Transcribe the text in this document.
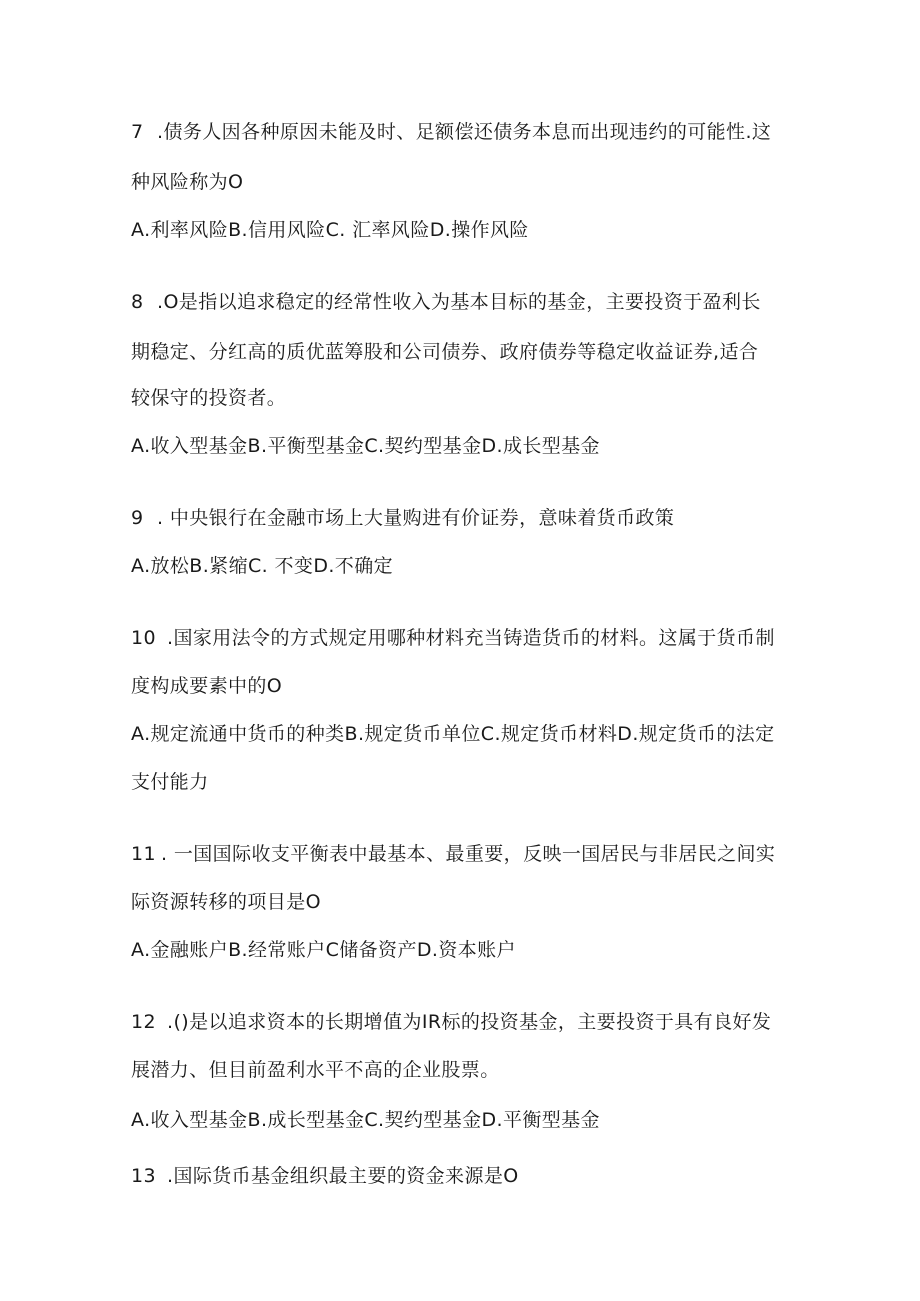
7 .债务人因各种原因未能及时、足额偿还债务本息而出现违约的可能性.这
种风险称为O
A.利率风险B.信用风险C. 汇率风险D.操作风险
8 .O是指以追求稳定的经常性收入为基本目标的基金，主要投资于盈利长
期稳定、分红高的质优蓝筹股和公司债券、政府债券等稳定收益证券,适合
较保守的投资者。
A.收入型基金B.平衡型基金C.契约型基金D.成长型基金
9 . 中央银行在金融市场上大量购进有价证券，意味着货币政策
A.放松B.紧缩C. 不变D.不确定
10 .国家用法令的方式规定用哪种材料充当铸造货币的材料。这属于货币制
度构成要素中的O
A.规定流通中货币的种类B.规定货币单位C.规定货币材料D.规定货币的法定
支付能力
11 . 一国国际收支平衡表中最基本、最重要，反映一国居民与非居民之间实
际资源转移的项目是O
A.金融账户B.经常账户C储备资产D.资本账户
12 .()是以追求资本的长期增值为IR标的投资基金，主要投资于具有良好发
展潜力、但目前盈利水平不高的企业股票。
A.收入型基金B.成长型基金C.契约型基金D.平衡型基金
13 .国际货币基金组织最主要的资金来源是O
